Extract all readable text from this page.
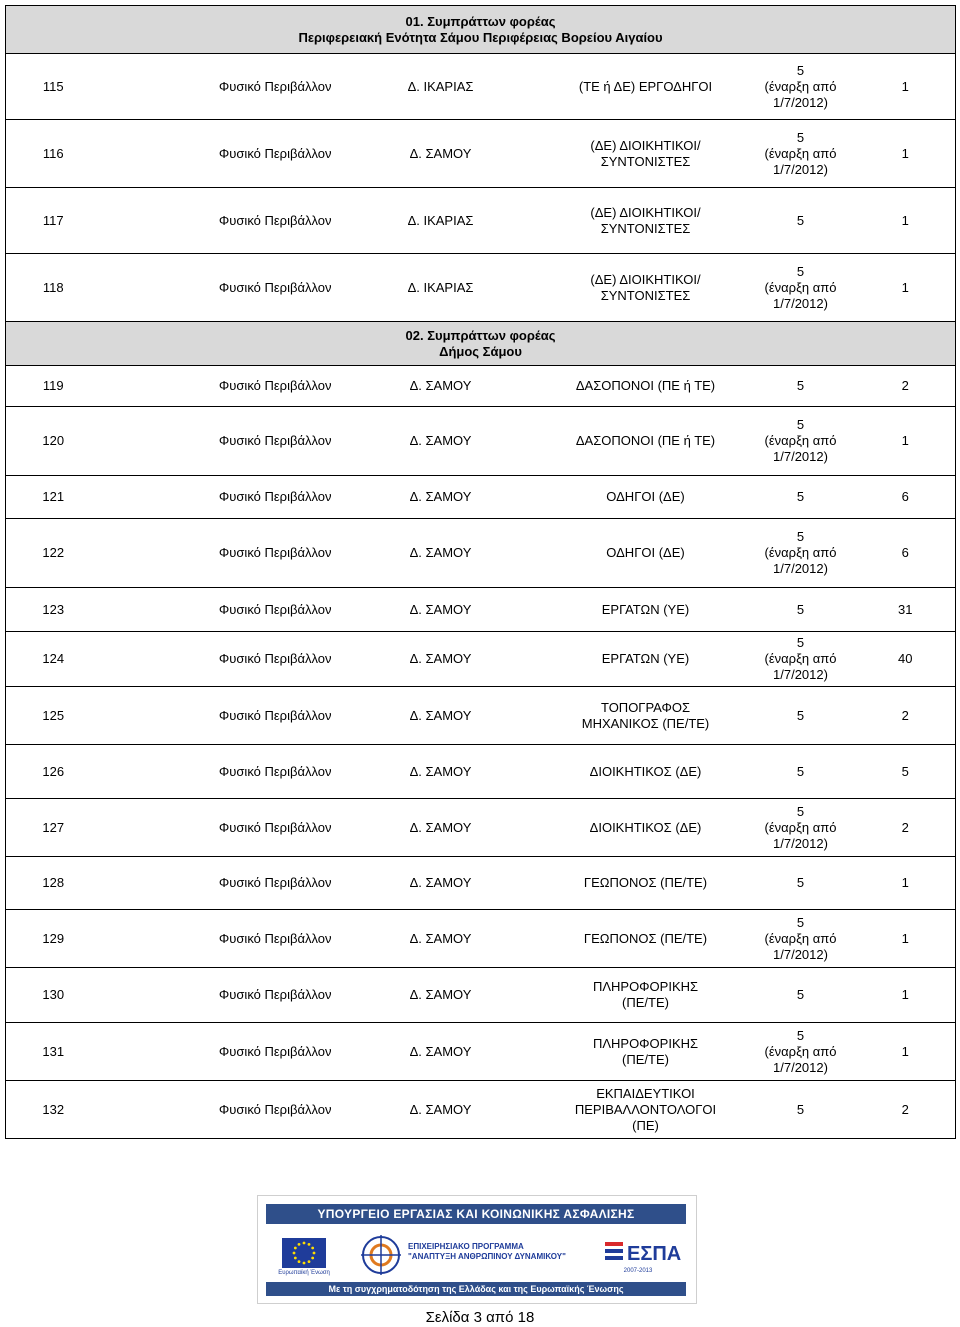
01. Συμπράττων φορέας
Περιφερειακή Ενότητα Σάμου Περιφέρειας Βορείου Αιγαίου					

115	Φυσικό Περιβάλλον	Δ. ΙΚΑΡΙΑΣ	(ΤΕ ή ΔΕ) ΕΡΓΟΔΗΓΟΙ	5
(έναρξη από
1/7/2012)	1
116	Φυσικό Περιβάλλον	Δ. ΣΑΜΟΥ	(ΔΕ) ΔΙΟΙΚΗΤΙΚΟΙ/
ΣΥΝΤΟΝΙΣΤΕΣ	5
(έναρξη από
1/7/2012)	1
117	Φυσικό Περιβάλλον	Δ. ΙΚΑΡΙΑΣ	(ΔΕ) ΔΙΟΙΚΗΤΙΚΟΙ/
ΣΥΝΤΟΝΙΣΤΕΣ	5	1
118	Φυσικό Περιβάλλον	Δ. ΙΚΑΡΙΑΣ	(ΔΕ) ΔΙΟΙΚΗΤΙΚΟΙ/
ΣΥΝΤΟΝΙΣΤΕΣ	5
(έναρξη από
1/7/2012)	1

02. Συμπράττων φορέας
Δήμος Σάμου					

119	Φυσικό Περιβάλλον	Δ. ΣΑΜΟΥ	ΔΑΣΟΠΟΝΟΙ (ΠΕ ή ΤΕ)	5	2
120	Φυσικό Περιβάλλον	Δ. ΣΑΜΟΥ	ΔΑΣΟΠΟΝΟΙ (ΠΕ ή ΤΕ)	5
(έναρξη από
1/7/2012)	1
121	Φυσικό Περιβάλλον	Δ. ΣΑΜΟΥ	ΟΔΗΓΟΙ (ΔΕ)	5	6
122	Φυσικό Περιβάλλον	Δ. ΣΑΜΟΥ	ΟΔΗΓΟΙ (ΔΕ)	5
(έναρξη από
1/7/2012)	6
123	Φυσικό Περιβάλλον	Δ. ΣΑΜΟΥ	ΕΡΓΑΤΩΝ (ΥΕ)	5	31
124	Φυσικό Περιβάλλον	Δ. ΣΑΜΟΥ	ΕΡΓΑΤΩΝ (ΥΕ)	5
(έναρξη από
1/7/2012)	40
125	Φυσικό Περιβάλλον	Δ. ΣΑΜΟΥ	ΤΟΠΟΓΡΑΦΟΣ
ΜΗΧΑΝΙΚΟΣ (ΠΕ/ΤΕ)	5	2
126	Φυσικό Περιβάλλον	Δ. ΣΑΜΟΥ	ΔΙΟΙΚΗΤΙΚΟΣ (ΔΕ)	5	5
127	Φυσικό Περιβάλλον	Δ. ΣΑΜΟΥ	ΔΙΟΙΚΗΤΙΚΟΣ (ΔΕ)	5
(έναρξη από
1/7/2012)	2
128	Φυσικό Περιβάλλον	Δ. ΣΑΜΟΥ	ΓΕΩΠΟΝΟΣ (ΠΕ/ΤΕ)	5	1
129	Φυσικό Περιβάλλον	Δ. ΣΑΜΟΥ	ΓΕΩΠΟΝΟΣ (ΠΕ/ΤΕ)	5
(έναρξη από
1/7/2012)	1
130	Φυσικό Περιβάλλον	Δ. ΣΑΜΟΥ	ΠΛΗΡΟΦΟΡΙΚΗΣ
(ΠΕ/ΤΕ)	5	1
131	Φυσικό Περιβάλλον	Δ. ΣΑΜΟΥ	ΠΛΗΡΟΦΟΡΙΚΗΣ
(ΠΕ/ΤΕ)	5
(έναρξη από
1/7/2012)	1
132	Φυσικό Περιβάλλον	Δ. ΣΑΜΟΥ	ΕΚΠΑΙΔΕΥΤΙΚΟΙ
ΠΕΡΙΒΑΛΛΟΝΤΟΛΟΓΟΙ
(ΠΕ)	5	2
ΥΠΟΥΡΓΕΙΟ ΕΡΓΑΣΙΑΣ ΚΑΙ ΚΟΙΝΩΝΙΚΗΣ ΑΣΦΑΛΙΣΗΣ
Ευρωπαϊκή Ένωση
ΕΠΙΧΕΙΡΗΣΙΑΚΟ ΠΡΟΓΡΑΜΜΑ
"ΑΝΑΠΤΥΞΗ ΑΝΘΡΩΠΙΝΟΥ ΔΥΝΑΜΙΚΟΥ"	ΕΣΠΑ
2007-2013
Με τη συγχρηματοδότηση της Ελλάδας και της Ευρωπαϊκής Ένωσης
Σελίδα 3 από 18
